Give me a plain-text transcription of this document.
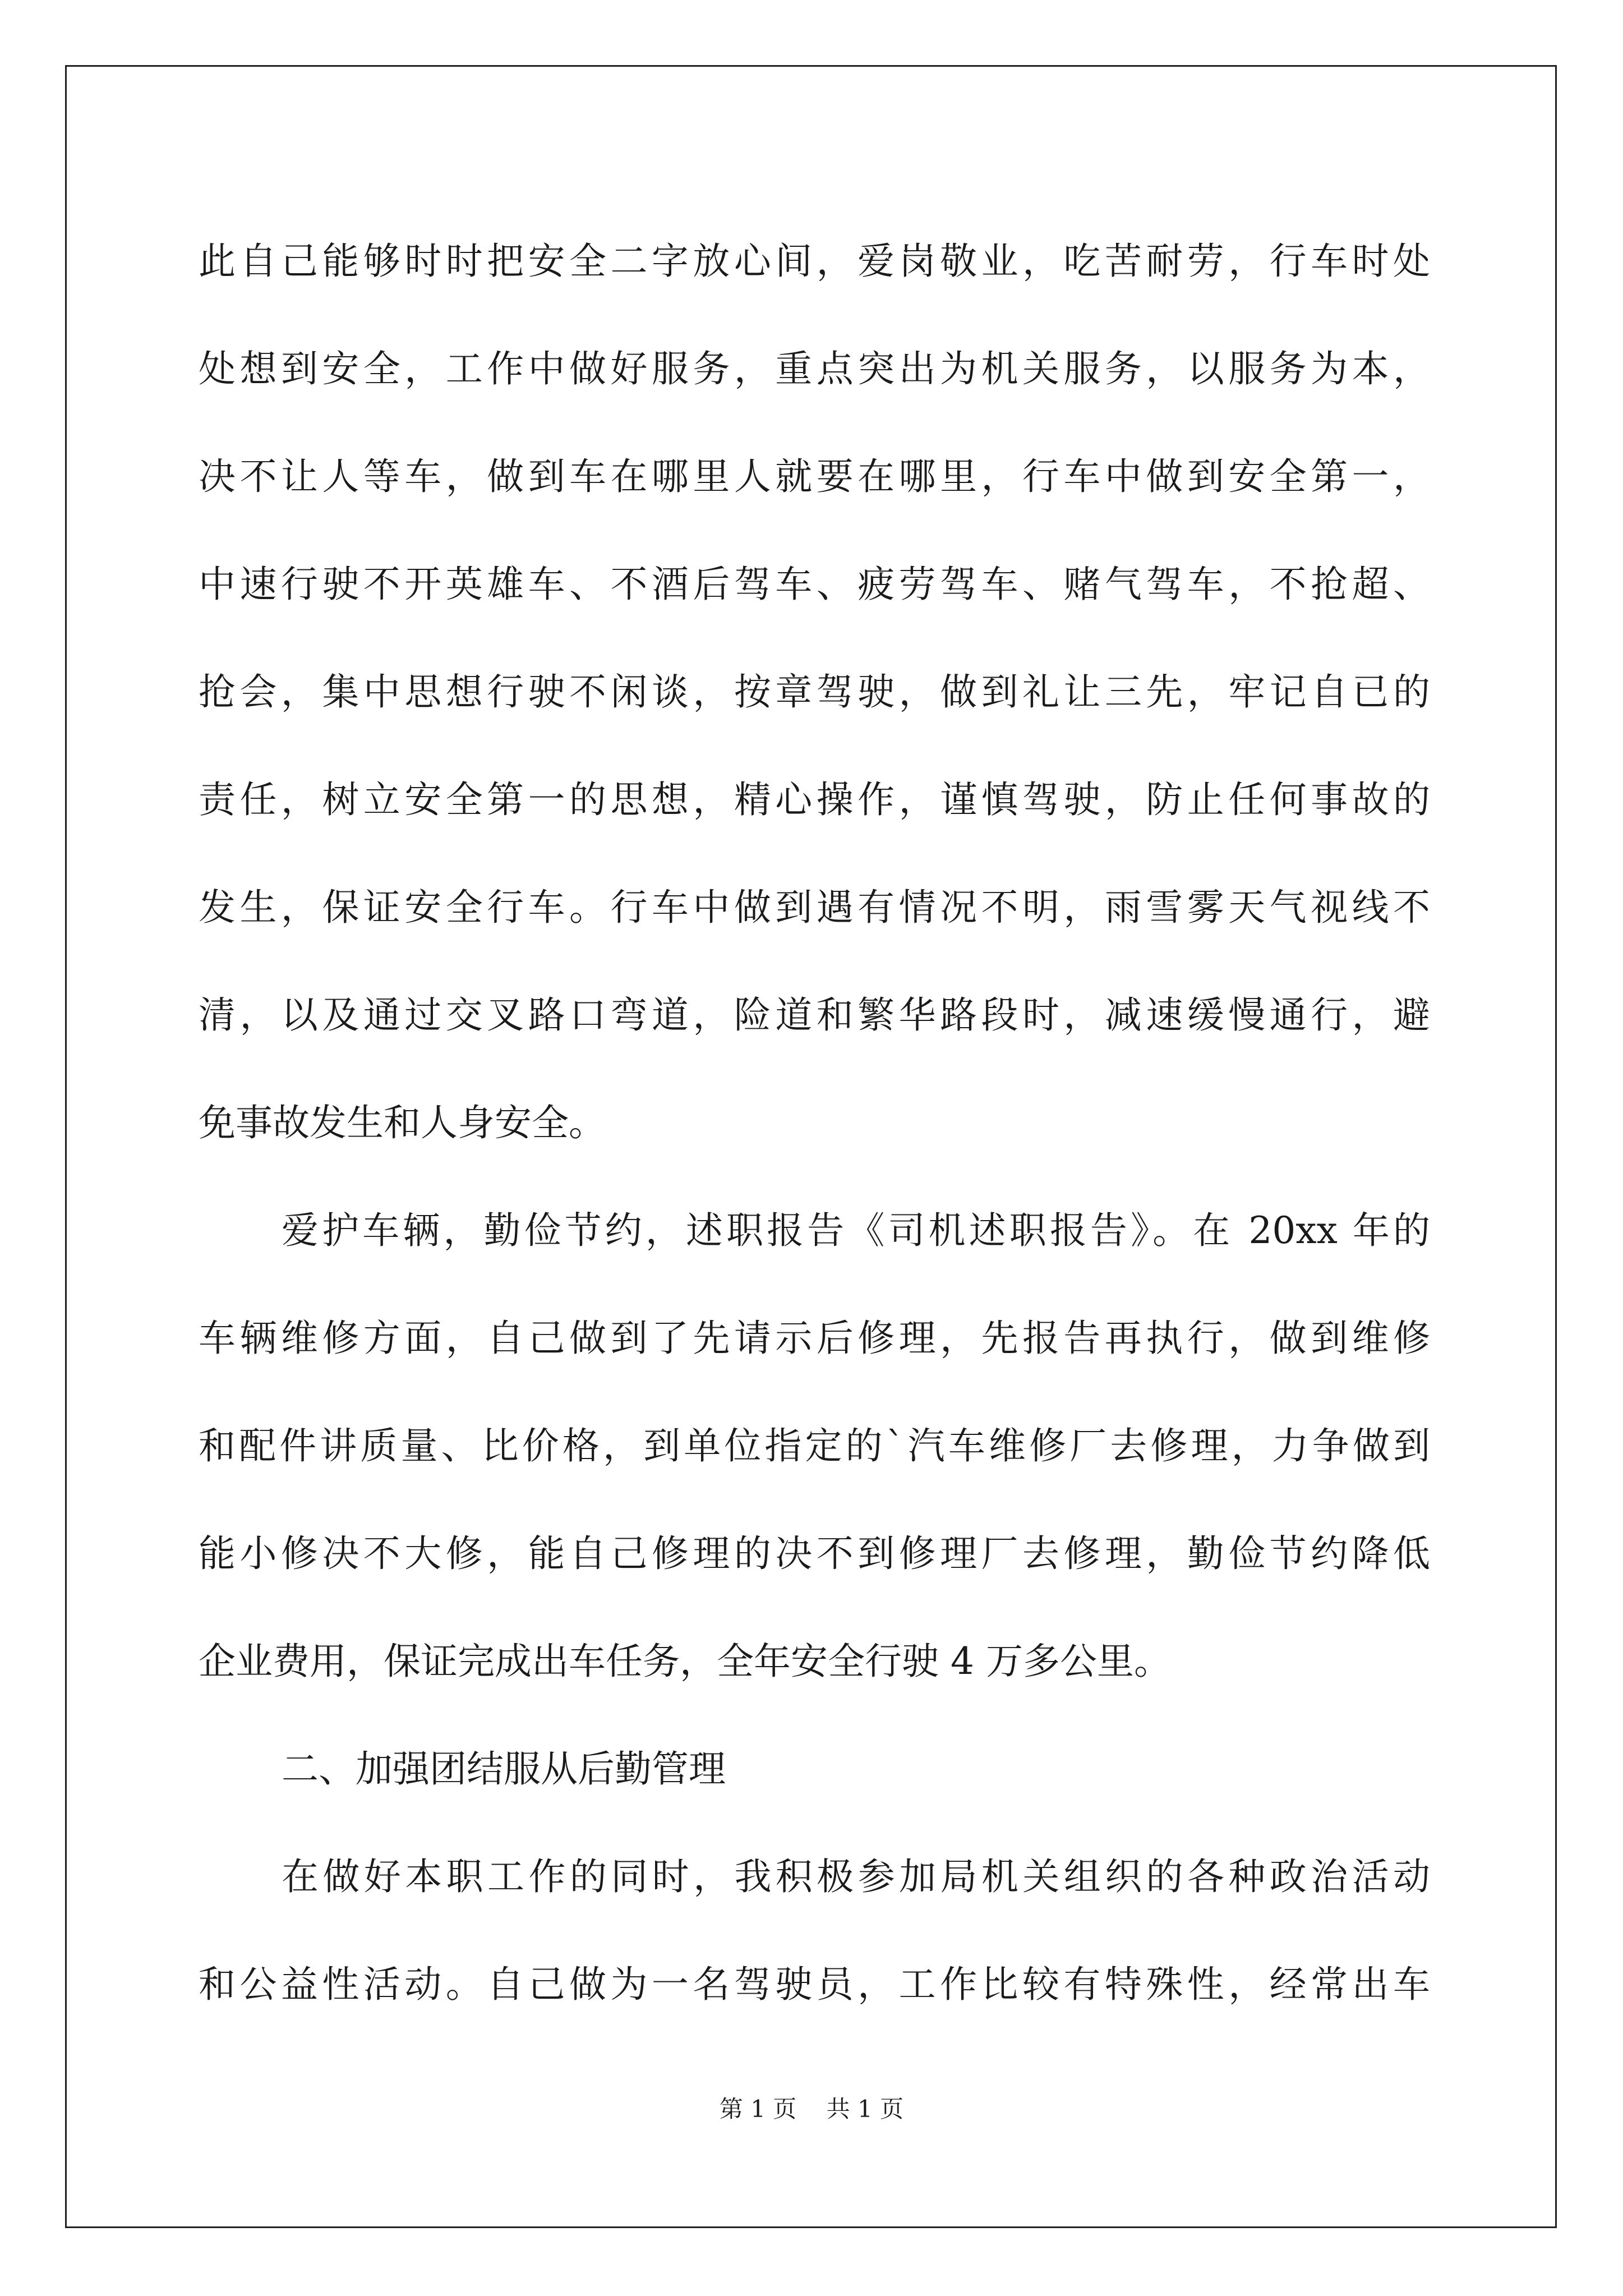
此自己能够时时把安全二字放心间，爱岗敬业，吃苦耐劳，行车时处
处想到安全，工作中做好服务，重点突出为机关服务，以服务为本，
决不让人等车，做到车在哪里人就要在哪里，行车中做到安全第一，
中速行驶不开英雄车、不酒后驾车、疲劳驾车、赌气驾车，不抢超、
抢会，集中思想行驶不闲谈，按章驾驶，做到礼让三先，牢记自已的
责任，树立安全第一的思想，精心操作，谨慎驾驶，防止任何事故的
发生，保证安全行车。行车中做到遇有情况不明，雨雪雾天气视线不
清，以及通过交叉路口弯道，险道和繁华路段时，减速缓慢通行，避
免事故发生和人身安全。
爱护车辆，勤俭节约，述职报告《司机述职报告》。在 20xx 年的
车辆维修方面，自己做到了先请示后修理，先报告再执行，做到维修
和配件讲质量、比价格，到单位指定的`汽车维修厂去修理，力争做到
能小修决不大修，能自己修理的决不到修理厂去修理，勤俭节约降低
企业费用，保证完成出车任务，全年安全行驶 4 万多公里。
二、加强团结服从后勤管理
在做好本职工作的同时，我积极参加局机关组织的各种政治活动
和公益性活动。自己做为一名驾驶员，工作比较有特殊性，经常出车
第 1 页 共 1 页
